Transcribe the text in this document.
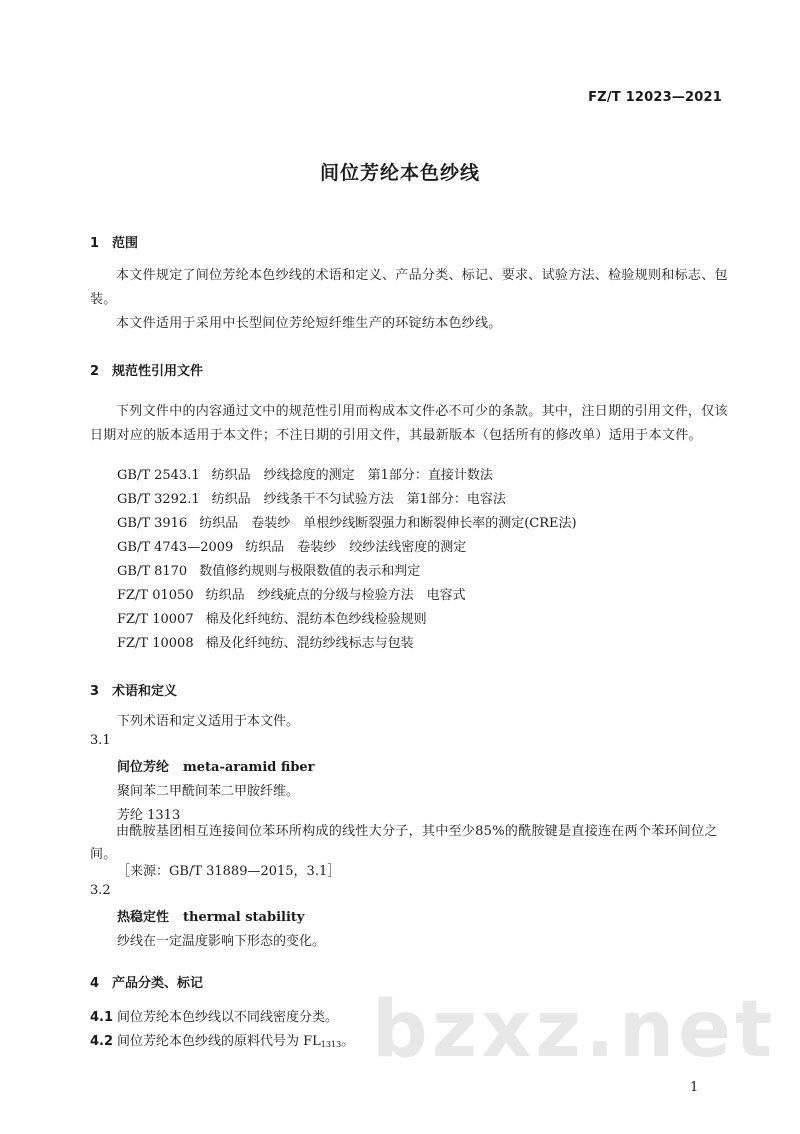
FZ/T 12023—2021
间位芳纶本色纱线
1 范围
本文件规定了间位芳纶本色纱线的术语和定义、产品分类、标记、要求、试验方法、检验规则和标志、包装。
本文件适用于采用中长型间位芳纶短纤维生产的环锭纺本色纱线。
2 规范性引用文件
下列文件中的内容通过文中的规范性引用而构成本文件必不可少的条款。其中，注日期的引用文件，仅该日期对应的版本适用于本文件；不注日期的引用文件，其最新版本（包括所有的修改单）适用于本文件。
GB/T 2543.1 纺织品　纱线捻度的测定　第1部分：直接计数法
GB/T 3292.1 纺织品　纱线条干不匀试验方法　第1部分：电容法
GB/T 3916 纺织品　卷装纱　单根纱线断裂强力和断裂伸长率的测定(CRE法)
GB/T 4743—2009 纺织品　卷装纱　绞纱法线密度的测定
GB/T 8170 数值修约规则与极限数值的表示和判定
FZ/T 01050 纺织品　纱线疵点的分级与检验方法　电容式
FZ/T 10007 棉及化纤纯纺、混纺本色纱线检验规则
FZ/T 10008 棉及化纤纯纺、混纺纱线标志与包装
3 术语和定义
下列术语和定义适用于本文件。
3.1
间位芳纶 meta-aramid fiber
聚间苯二甲酰间苯二甲胺纤维。
芳纶 1313
由酰胺基团相互连接间位苯环所构成的线性大分子，其中至少85%的酰胺键是直接连在两个苯环间位之间。
［来源：GB/T 31889—2015，3.1］
3.2
热稳定性 thermal stability
纱线在一定温度影响下形态的变化。
4 产品分类、标记
bzxz.net
4.1 间位芳纶本色纱线以不同线密度分类。
4.2 间位芳纶本色纱线的原料代号为 $FL_{1313}$。
1
